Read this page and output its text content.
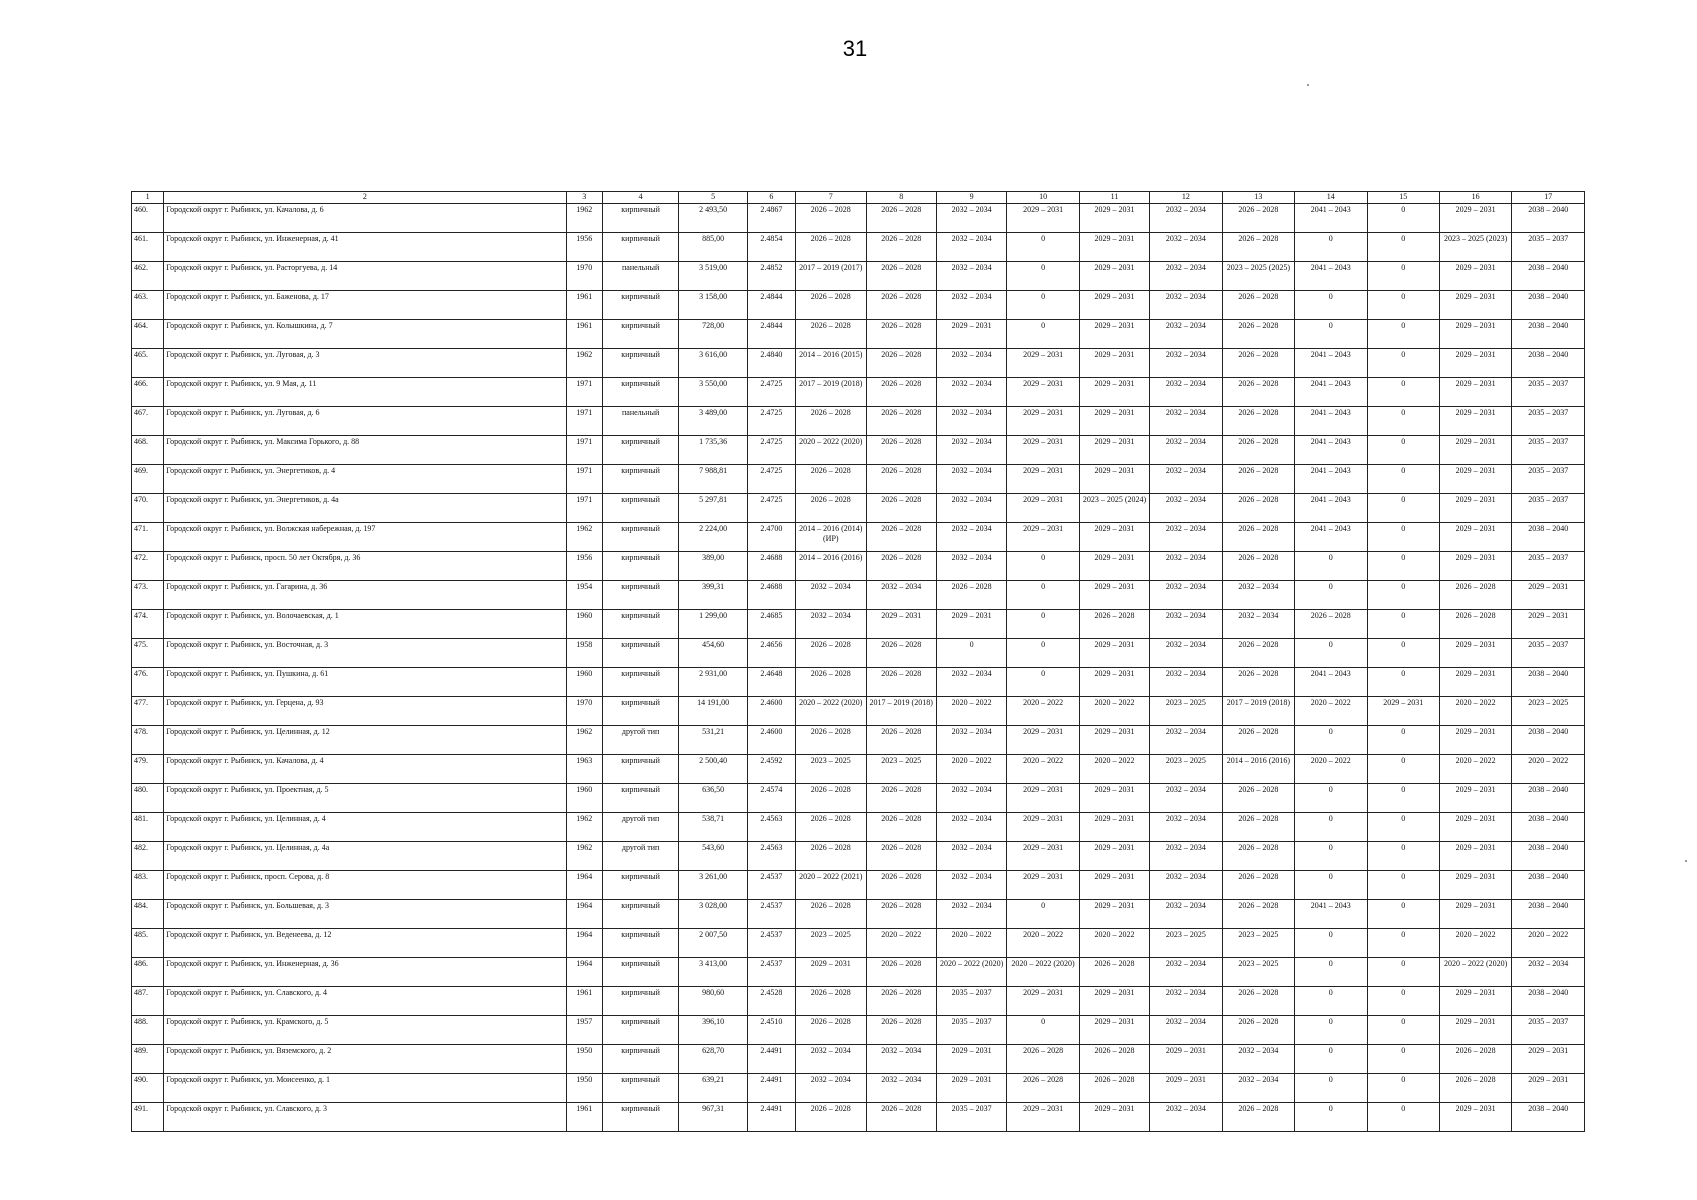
31
1	2	3	4	5	6	7	8	9	10	11	12	13	14	15	16	17
460.	Городской округ г. Рыбинск, ул. Качалова, д. 6	1962	кирпичный	2 493,50	2.4867	2026 – 2028	2026 – 2028	2032 – 2034	2029 – 2031	2029 – 2031	2032 – 2034	2026 – 2028	2041 – 2043	0	2029 – 2031	2038 – 2040
461.	Городской округ г. Рыбинск, ул. Инженерная, д. 41	1956	кирпичный	885,00	2.4854	2026 – 2028	2026 – 2028	2032 – 2034	0	2029 – 2031	2032 – 2034	2026 – 2028	0	0	2023 – 2025 (2023)	2035 – 2037
462.	Городской округ г. Рыбинск, ул. Расторгуева, д. 14	1970	панельный	3 519,00	2.4852	2017 – 2019 (2017)	2026 – 2028	2032 – 2034	0	2029 – 2031	2032 – 2034	2023 – 2025 (2025)	2041 – 2043	0	2029 – 2031	2038 – 2040
463.	Городской округ г. Рыбинск, ул. Баженова, д. 17	1961	кирпичный	3 158,00	2.4844	2026 – 2028	2026 – 2028	2032 – 2034	0	2029 – 2031	2032 – 2034	2026 – 2028	0	0	2029 – 2031	2038 – 2040
464.	Городской округ г. Рыбинск, ул. Колышкина, д. 7	1961	кирпичный	728,00	2.4844	2026 – 2028	2026 – 2028	2029 – 2031	0	2029 – 2031	2032 – 2034	2026 – 2028	0	0	2029 – 2031	2038 – 2040
465.	Городской округ г. Рыбинск, ул. Луговая, д. 3	1962	кирпичный	3 616,00	2.4840	2014 – 2016 (2015)	2026 – 2028	2032 – 2034	2029 – 2031	2029 – 2031	2032 – 2034	2026 – 2028	2041 – 2043	0	2029 – 2031	2038 – 2040
466.	Городской округ г. Рыбинск, ул. 9 Мая, д. 11	1971	кирпичный	3 550,00	2.4725	2017 – 2019 (2018)	2026 – 2028	2032 – 2034	2029 – 2031	2029 – 2031	2032 – 2034	2026 – 2028	2041 – 2043	0	2029 – 2031	2035 – 2037
467.	Городской округ г. Рыбинск, ул. Луговая, д. 6	1971	панельный	3 489,00	2.4725	2026 – 2028	2026 – 2028	2032 – 2034	2029 – 2031	2029 – 2031	2032 – 2034	2026 – 2028	2041 – 2043	0	2029 – 2031	2035 – 2037
468.	Городской округ г. Рыбинск, ул. Максима Горького, д. 88	1971	кирпичный	1 735,36	2.4725	2020 – 2022 (2020)	2026 – 2028	2032 – 2034	2029 – 2031	2029 – 2031	2032 – 2034	2026 – 2028	2041 – 2043	0	2029 – 2031	2035 – 2037
469.	Городской округ г. Рыбинск, ул. Энергетиков, д. 4	1971	кирпичный	7 988,81	2.4725	2026 – 2028	2026 – 2028	2032 – 2034	2029 – 2031	2029 – 2031	2032 – 2034	2026 – 2028	2041 – 2043	0	2029 – 2031	2035 – 2037
470.	Городской округ г. Рыбинск, ул. Энергетиков, д. 4а	1971	кирпичный	5 297,81	2.4725	2026 – 2028	2026 – 2028	2032 – 2034	2029 – 2031	2023 – 2025 (2024)	2032 – 2034	2026 – 2028	2041 – 2043	0	2029 – 2031	2035 – 2037
471.	Городской округ г. Рыбинск, ул. Волжская набережная, д. 197	1962	кирпичный	2 224,00	2.4700	2014 – 2016 (2014) (ИР)	2026 – 2028	2032 – 2034	2029 – 2031	2029 – 2031	2032 – 2034	2026 – 2028	2041 – 2043	0	2029 – 2031	2038 – 2040
472.	Городской округ г. Рыбинск, просп. 50 лет Октября, д. 36	1956	кирпичный	389,00	2.4688	2014 – 2016 (2016)	2026 – 2028	2032 – 2034	0	2029 – 2031	2032 – 2034	2026 – 2028	0	0	2029 – 2031	2035 – 2037
473.	Городской округ г. Рыбинск, ул. Гагарина, д. 36	1954	кирпичный	399,31	2.4688	2032 – 2034	2032 – 2034	2026 – 2028	0	2029 – 2031	2032 – 2034	2032 – 2034	0	0	2026 – 2028	2029 – 2031
474.	Городской округ г. Рыбинск, ул. Волочаевская, д. 1	1960	кирпичный	1 299,00	2.4685	2032 – 2034	2029 – 2031	2029 – 2031	0	2026 – 2028	2032 – 2034	2032 – 2034	2026 – 2028	0	2026 – 2028	2029 – 2031
475.	Городской округ г. Рыбинск, ул. Восточная, д. 3	1958	кирпичный	454,60	2.4656	2026 – 2028	2026 – 2028	0	0	2029 – 2031	2032 – 2034	2026 – 2028	0	0	2029 – 2031	2035 – 2037
476.	Городской округ г. Рыбинск, ул. Пушкина, д. 61	1960	кирпичный	2 931,00	2.4648	2026 – 2028	2026 – 2028	2032 – 2034	0	2029 – 2031	2032 – 2034	2026 – 2028	2041 – 2043	0	2029 – 2031	2038 – 2040
477.	Городской округ г. Рыбинск, ул. Герцена, д. 93	1970	кирпичный	14 191,00	2.4600	2020 – 2022 (2020)	2017 – 2019 (2018)	2020 – 2022	2020 – 2022	2020 – 2022	2023 – 2025	2017 – 2019 (2018)	2020 – 2022	2029 – 2031	2020 – 2022	2023 – 2025
478.	Городской округ г. Рыбинск, ул. Целинная, д. 12	1962	другой тип	531,21	2.4600	2026 – 2028	2026 – 2028	2032 – 2034	2029 – 2031	2029 – 2031	2032 – 2034	2026 – 2028	0	0	2029 – 2031	2038 – 2040
479.	Городской округ г. Рыбинск, ул. Качалова, д. 4	1963	кирпичный	2 500,40	2.4592	2023 – 2025	2023 – 2025	2020 – 2022	2020 – 2022	2020 – 2022	2023 – 2025	2014 – 2016 (2016)	2020 – 2022	0	2020 – 2022	2020 – 2022
480.	Городской округ г. Рыбинск, ул. Проектная, д. 5	1960	кирпичный	636,50	2.4574	2026 – 2028	2026 – 2028	2032 – 2034	2029 – 2031	2029 – 2031	2032 – 2034	2026 – 2028	0	0	2029 – 2031	2038 – 2040
481.	Городской округ г. Рыбинск, ул. Целинная, д. 4	1962	другой тип	538,71	2.4563	2026 – 2028	2026 – 2028	2032 – 2034	2029 – 2031	2029 – 2031	2032 – 2034	2026 – 2028	0	0	2029 – 2031	2038 – 2040
482.	Городской округ г. Рыбинск, ул. Целинная, д. 4а	1962	другой тип	543,60	2.4563	2026 – 2028	2026 – 2028	2032 – 2034	2029 – 2031	2029 – 2031	2032 – 2034	2026 – 2028	0	0	2029 – 2031	2038 – 2040
483.	Городской округ г. Рыбинск, просп. Серова, д. 8	1964	кирпичный	3 261,00	2.4537	2020 – 2022 (2021)	2026 – 2028	2032 – 2034	2029 – 2031	2029 – 2031	2032 – 2034	2026 – 2028	0	0	2029 – 2031	2038 – 2040
484.	Городской округ г. Рыбинск, ул. Большевая, д. 3	1964	кирпичный	3 028,00	2.4537	2026 – 2028	2026 – 2028	2032 – 2034	0	2029 – 2031	2032 – 2034	2026 – 2028	2041 – 2043	0	2029 – 2031	2038 – 2040
485.	Городской округ г. Рыбинск, ул. Веденеева, д. 12	1964	кирпичный	2 007,50	2.4537	2023 – 2025	2020 – 2022	2020 – 2022	2020 – 2022	2020 – 2022	2023 – 2025	2023 – 2025	0	0	2020 – 2022	2020 – 2022
486.	Городской округ г. Рыбинск, ул. Инженерная, д. 36	1964	кирпичный	3 413,00	2.4537	2029 – 2031	2026 – 2028	2020 – 2022 (2020)	2020 – 2022 (2020)	2026 – 2028	2032 – 2034	2023 – 2025	0	0	2020 – 2022 (2020)	2032 – 2034
487.	Городской округ г. Рыбинск, ул. Славского, д. 4	1961	кирпичный	980,60	2.4528	2026 – 2028	2026 – 2028	2035 – 2037	2029 – 2031	2029 – 2031	2032 – 2034	2026 – 2028	0	0	2029 – 2031	2038 – 2040
488.	Городской округ г. Рыбинск, ул. Крамского, д. 5	1957	кирпичный	396,10	2.4510	2026 – 2028	2026 – 2028	2035 – 2037	0	2029 – 2031	2032 – 2034	2026 – 2028	0	0	2029 – 2031	2035 – 2037
489.	Городской округ г. Рыбинск, ул. Вяземского, д. 2	1950	кирпичный	628,70	2.4491	2032 – 2034	2032 – 2034	2029 – 2031	2026 – 2028	2026 – 2028	2029 – 2031	2032 – 2034	0	0	2026 – 2028	2029 – 2031
490.	Городской округ г. Рыбинск, ул. Моисеенко, д. 1	1950	кирпичный	639,21	2.4491	2032 – 2034	2032 – 2034	2029 – 2031	2026 – 2028	2026 – 2028	2029 – 2031	2032 – 2034	0	0	2026 – 2028	2029 – 2031
491.	Городской округ г. Рыбинск, ул. Славского, д. 3	1961	кирпичный	967,31	2.4491	2026 – 2028	2026 – 2028	2035 – 2037	2029 – 2031	2029 – 2031	2032 – 2034	2026 – 2028	0	0	2029 – 2031	2038 – 2040
